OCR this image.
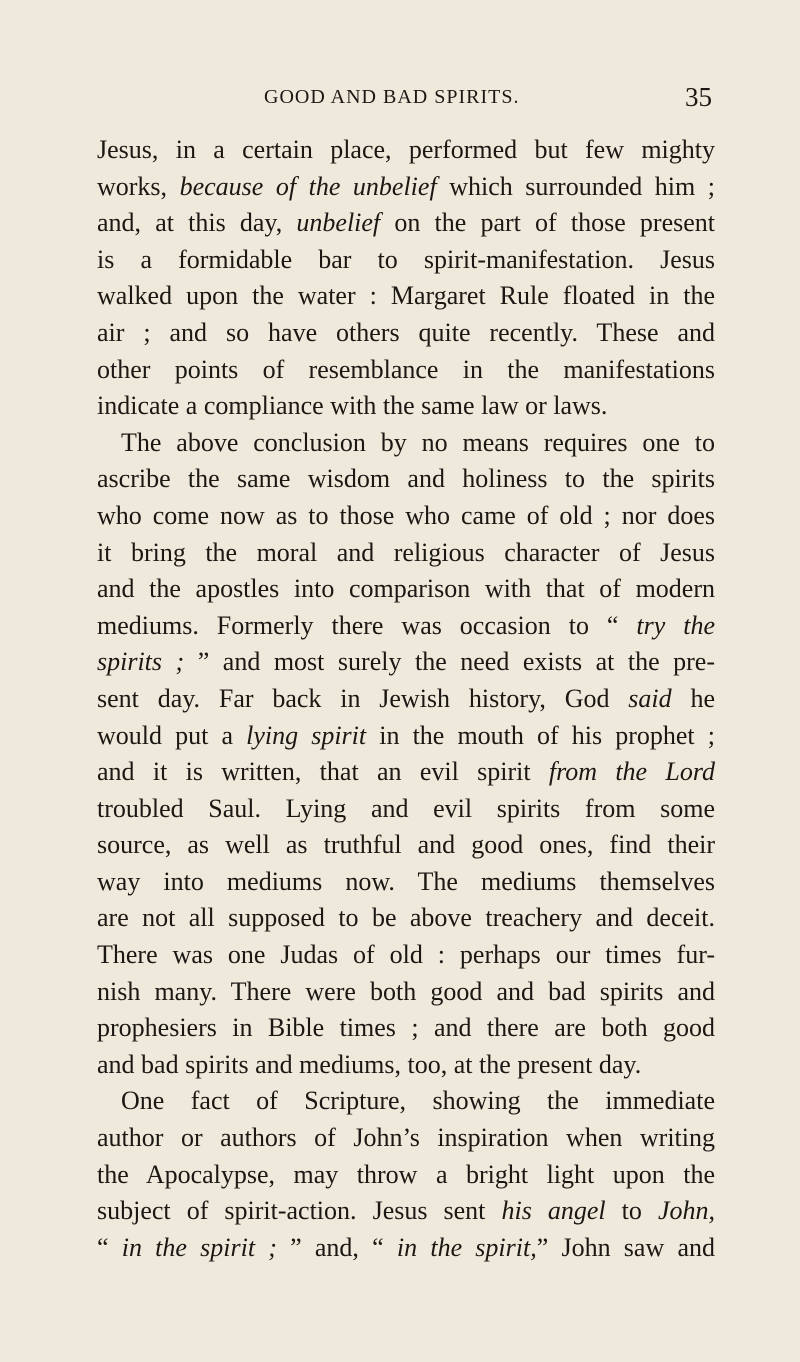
GOOD AND BAD SPIRITS.	35
Jesus, in a certain place, performed but few mighty
works, because of the unbelief which surrounded him ;
and, at this day, unbelief on the part of those present
is a formidable bar to spirit-manifestation. Jesus
walked upon the water : Margaret Rule floated in the
air ; and so have others quite recently. These and
other points of resemblance in the manifestations
indicate a compliance with the same law or laws.
The above conclusion by no means requires one to
ascribe the same wisdom and holiness to the spirits
who come now as to those who came of old ; nor does
it bring the moral and religious character of Jesus
and the apostles into comparison with that of modern
mediums. Formerly there was occasion to “ try the
spirits ; ” and most surely the need exists at the pre-
sent day. Far back in Jewish history, God said he
would put a lying spirit in the mouth of his prophet ;
and it is written, that an evil spirit from the Lord
troubled Saul. Lying and evil spirits from some
source, as well as truthful and good ones, find their
way into mediums now. The mediums themselves
are not all supposed to be above treachery and deceit.
There was one Judas of old : perhaps our times fur-
nish many. There were both good and bad spirits and
prophesiers in Bible times ; and there are both good
and bad spirits and mediums, too, at the present day.
One fact of Scripture, showing the immediate
author or authors of John’s inspiration when writing
the Apocalypse, may throw a bright light upon the
subject of spirit-action. Jesus sent his angel to John,
“ in the spirit ; ” and, “ in the spirit,” John saw and
